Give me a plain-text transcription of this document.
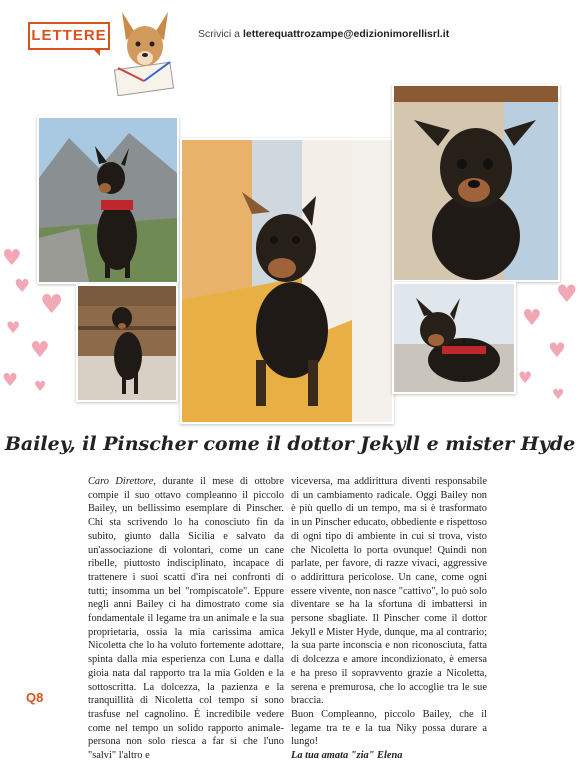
LETTERE	Scrivici a letterequattrozampe@edizionimorellisrl.it
♥
♥
♥
♥
♥
♥ ♥
♥
♥
♥
♥
♥
Bailey, il Pinscher come il dottor Jekyll e mister Hyde

Caro Direttore, durante il mese di ottobre compie il suo ottavo compleanno il piccolo Bailey, un bellissimo esemplare di Pinscher. Chi sta scrivendo lo ha conosciuto fin da subito, giunto dalla Sicilia e salvato da un'associazione di volontari, come un cane ribelle, piuttosto indisciplinato, incapace di trattenere i suoi scatti d'ira nei confronti di tutti; insomma un bel "rompiscatole". Eppure negli anni Bailey ci ha dimostrato come sia fondamentale il legame tra un animale e la sua proprietaria, ossia la mia carissima amica Nicoletta che lo ha voluto fortemente adottare, spinta dalla mia esperienza con Luna e dalla gioia nata dal rapporto tra la mia Golden e la sottoscritta. La dolcezza, la pazienza e la tranquillità di Nicoletta col tempo si sono trasfuse nel cagnolino. È incredibile vedere come nel tempo un solido rapporto animale-persona non solo riesca a far sì che l'uno "salvi" l'altro e

viceversa, ma addirittura diventi responsabile di un cambiamento radicale. Oggi Bailey non è più quello di un tempo, ma si è trasformato in un Pinscher educato, obbediente e rispettoso di ogni tipo di ambiente in cui si trova, visto che Nicoletta lo porta ovunque! Quindi non parlate, per favore, di razze vivaci, aggressive o addirittura pericolose. Un cane, come ogni essere vivente, non nasce "cattivo", lo può solo diventare se ha la sfortuna di imbattersi in persone sbagliate. Il Pinscher come il dottor Jekyll e Mister Hyde, dunque, ma al contrario; la sua parte inconscia e non riconosciuta, fatta di dolcezza e amore incondizionato, è emersa e ha preso il sopravvento grazie a Nicoletta, serena e premurosa, che lo accoglie tra le sue braccia.

Buon Compleanno, piccolo Bailey, che il legame tra te e la tua Niky possa durare a lungo!

La tua amata "zia" Elena

Q8
